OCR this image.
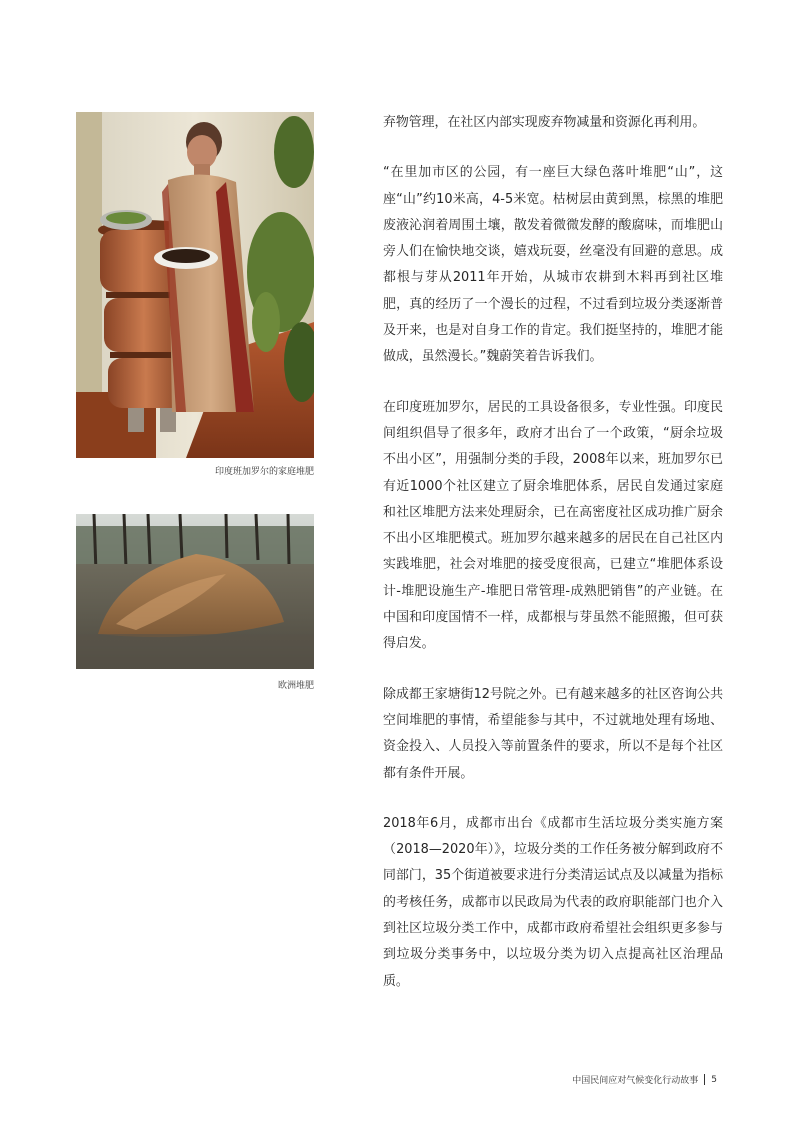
印度班加罗尔的家庭堆肥
欧洲堆肥

弃物管理，在社区内部实现废弃物减量和资源化再利用。

“在里加市区的公园，有一座巨大绿色落叶堆肥“山”，这座“山”约10米高，4-5米宽。枯树层由黄到黑，棕黑的堆肥废液沁润着周围土壤，散发着微微发酵的酸腐味，而堆肥山旁人们在愉快地交谈，嬉戏玩耍，丝毫没有回避的意思。成都根与芽从2011年开始，从城市农耕到木料再到社区堆肥，真的经历了一个漫长的过程，不过看到垃圾分类逐渐普及开来，也是对自身工作的肯定。我们挺坚持的，堆肥才能做成，虽然漫长。”魏蔚笑着告诉我们。

在印度班加罗尔，居民的工具设备很多，专业性强。印度民间组织倡导了很多年，政府才出台了一个政策，“厨余垃圾不出小区”，用强制分类的手段，2008年以来，班加罗尔已有近1000个社区建立了厨余堆肥体系，居民自发通过家庭和社区堆肥方法来处理厨余，已在高密度社区成功推广厨余不出小区堆肥模式。班加罗尔越来越多的居民在自己社区内实践堆肥，社会对堆肥的接受度很高，已建立“堆肥体系设计-堆肥设施生产-堆肥日常管理-成熟肥销售”的产业链。在中国和印度国情不一样，成都根与芽虽然不能照搬，但可获得启发。

除成都王家塘街12号院之外。已有越来越多的社区咨询公共空间堆肥的事情，希望能参与其中，不过就地处理有场地、资金投入、人员投入等前置条件的要求，所以不是每个社区都有条件开展。

2018年6月，成都市出台《成都市生活垃圾分类实施方案（2018—2020年）》，垃圾分类的工作任务被分解到政府不同部门，35个街道被要求进行分类清运试点及以减量为指标的考核任务，成都市以民政局为代表的政府职能部门也介入到社区垃圾分类工作中，成都市政府希望社会组织更多参与到垃圾分类事务中，以垃圾分类为切入点提高社区治理品质。

中国民间应对气候变化行动故事 5
